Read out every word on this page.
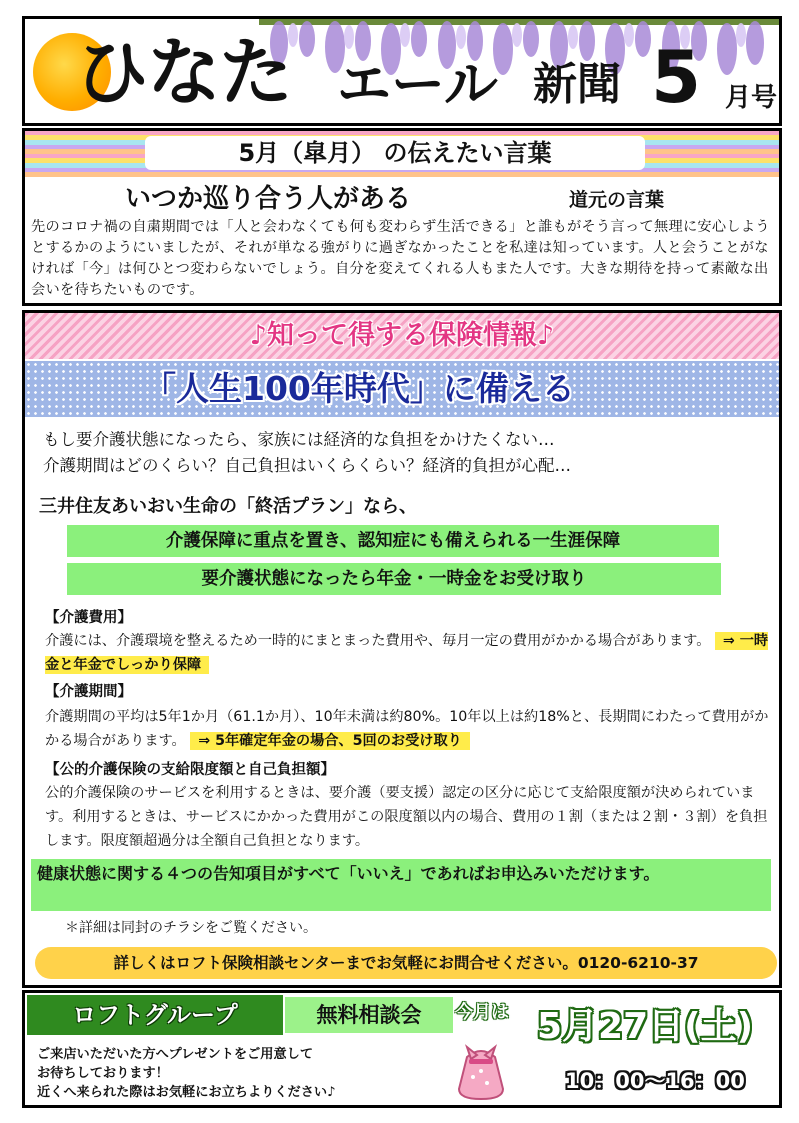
ひなた エール 新聞 5 月号
5月（皐月） の伝えたい言葉
いつか巡り合う人がある	道元の言葉
先のコロナ禍の自粛期間では「人と会わなくても何も変わらず生活できる」と誰もがそう言って無理に安心しようとするかのようにいましたが、それが単なる強がりに過ぎなかったことを私達は知っています。人と会うことがなければ「今」は何ひとつ変わらないでしょう。自分を変えてくれる人もまた人です。大きな期待を持って素敵な出会いを待ちたいものです。
♪知って得する保険情報♪
「人生100年時代」に備える
もし要介護状態になったら、家族には経済的な負担をかけたくない…
介護期間はどのくらい？自己負担はいくらくらい？経済的負担が心配…
三井住友あいおい生命の「終活プラン」なら、
介護保障に重点を置き、認知症にも備えられる一生涯保障
要介護状態になったら年金・一時金をお受け取り
【介護費用】
介護には、介護環境を整えるため一時的にまとまった費用や、毎月一定の費用がかかる場合があります。 ⇒ 一時金と年金でしっかり保障
【介護期間】
介護期間の平均は5年1か月（61.1か月）、10年未満は約80%。10年以上は約18%と、長期間にわたって費用がかかる場合があります。 ⇒ 5年確定年金の場合、5回のお受け取り
【公的介護保険の支給限度額と自己負担額】
公的介護保険のサービスを利用するときは、要介護（要支援）認定の区分に応じて支給限度額が決められています。利用するときは、サービスにかかった費用がこの限度額以内の場合、費用の１割（または２割・３割）を負担します。限度額超過分は全額自己負担となります。
健康状態に関する４つの告知項目がすべて「いいえ」であればお申込みいただけます。
＊詳細は同封のチラシをご覧ください。
詳しくはロフト保険相談センターまでお気軽にお問合せください。0120-6210-37
ロフトグループ	無料相談会	今月は
ご来店いただいた方へプレゼントをご用意して
お待ちしております！
近くへ来られた際はお気軽にお立ちよりください♪
5月27日(土)
10：00〜16：00
